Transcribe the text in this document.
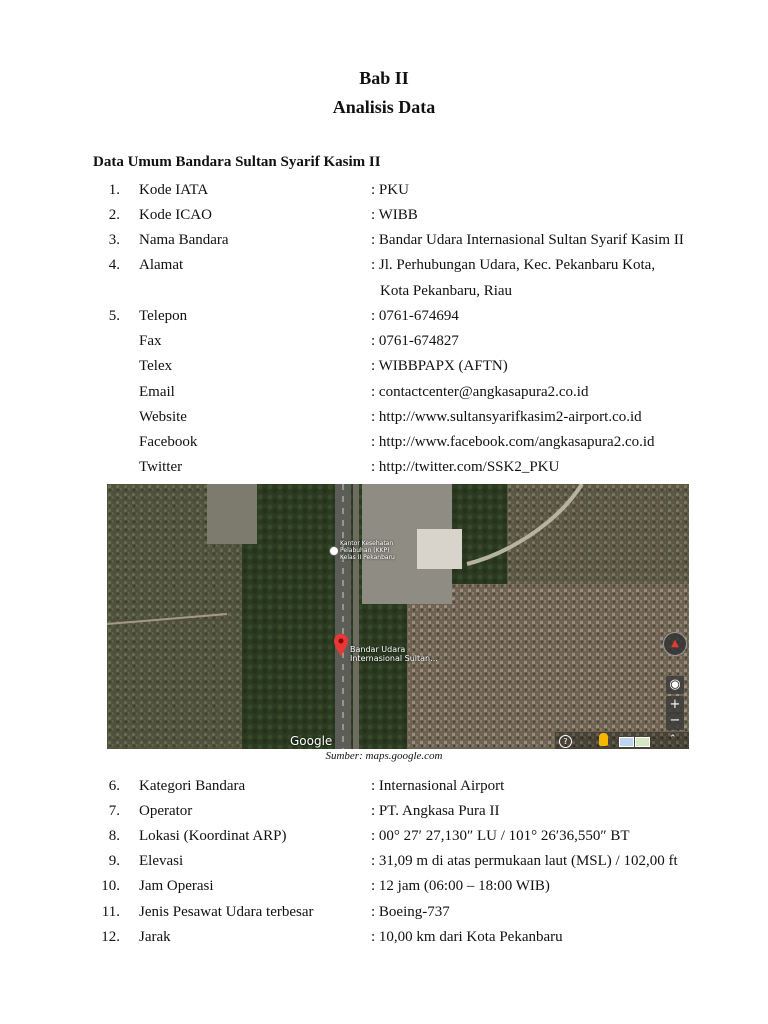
Bab II
Analisis Data
Data Umum Bandara Sultan Syarif Kasim II
1. Kode IATA	: PKU
2. Kode ICAO	: WIBB
3. Nama Bandara	: Bandar Udara Internasional Sultan Syarif Kasim II
4. Alamat	: Jl. Perhubungan Udara, Kec. Pekanbaru Kota,
Kota Pekanbaru, Riau
5. Telepon	: 0761-674694
Fax	: 0761-674827
Telex	: WIBBPAPX (AFTN)
Email	: contactcenter@angkasapura2.co.id
Website	: http://www.sultansyarifkasim2-airport.co.id
Facebook	: http://www.facebook.com/angkasapura2.co.id
Twitter	: http://twitter.com/SSK2_PKU
Kantor Kesehatan
Pelabuhan (KKP)
Kelas II Pekanbaru
Bandar Udara
Internasional Sultan...
▲
◉
+
−
Google	?	⌃
Sumber: maps.google.com
6. Kategori Bandara	: Internasional Airport
7. Operator	: PT. Angkasa Pura II
8. Lokasi (Koordinat ARP)	: 00° 27′ 27,130″ LU / 101° 26′36,550″ BT
9. Elevasi	: 31,09 m di atas permukaan laut (MSL) / 102,00 ft
10. Jam Operasi	: 12 jam (06:00 – 18:00 WIB)
11. Jenis Pesawat Udara terbesar	: Boeing-737
12. Jarak	: 10,00 km dari Kota Pekanbaru
